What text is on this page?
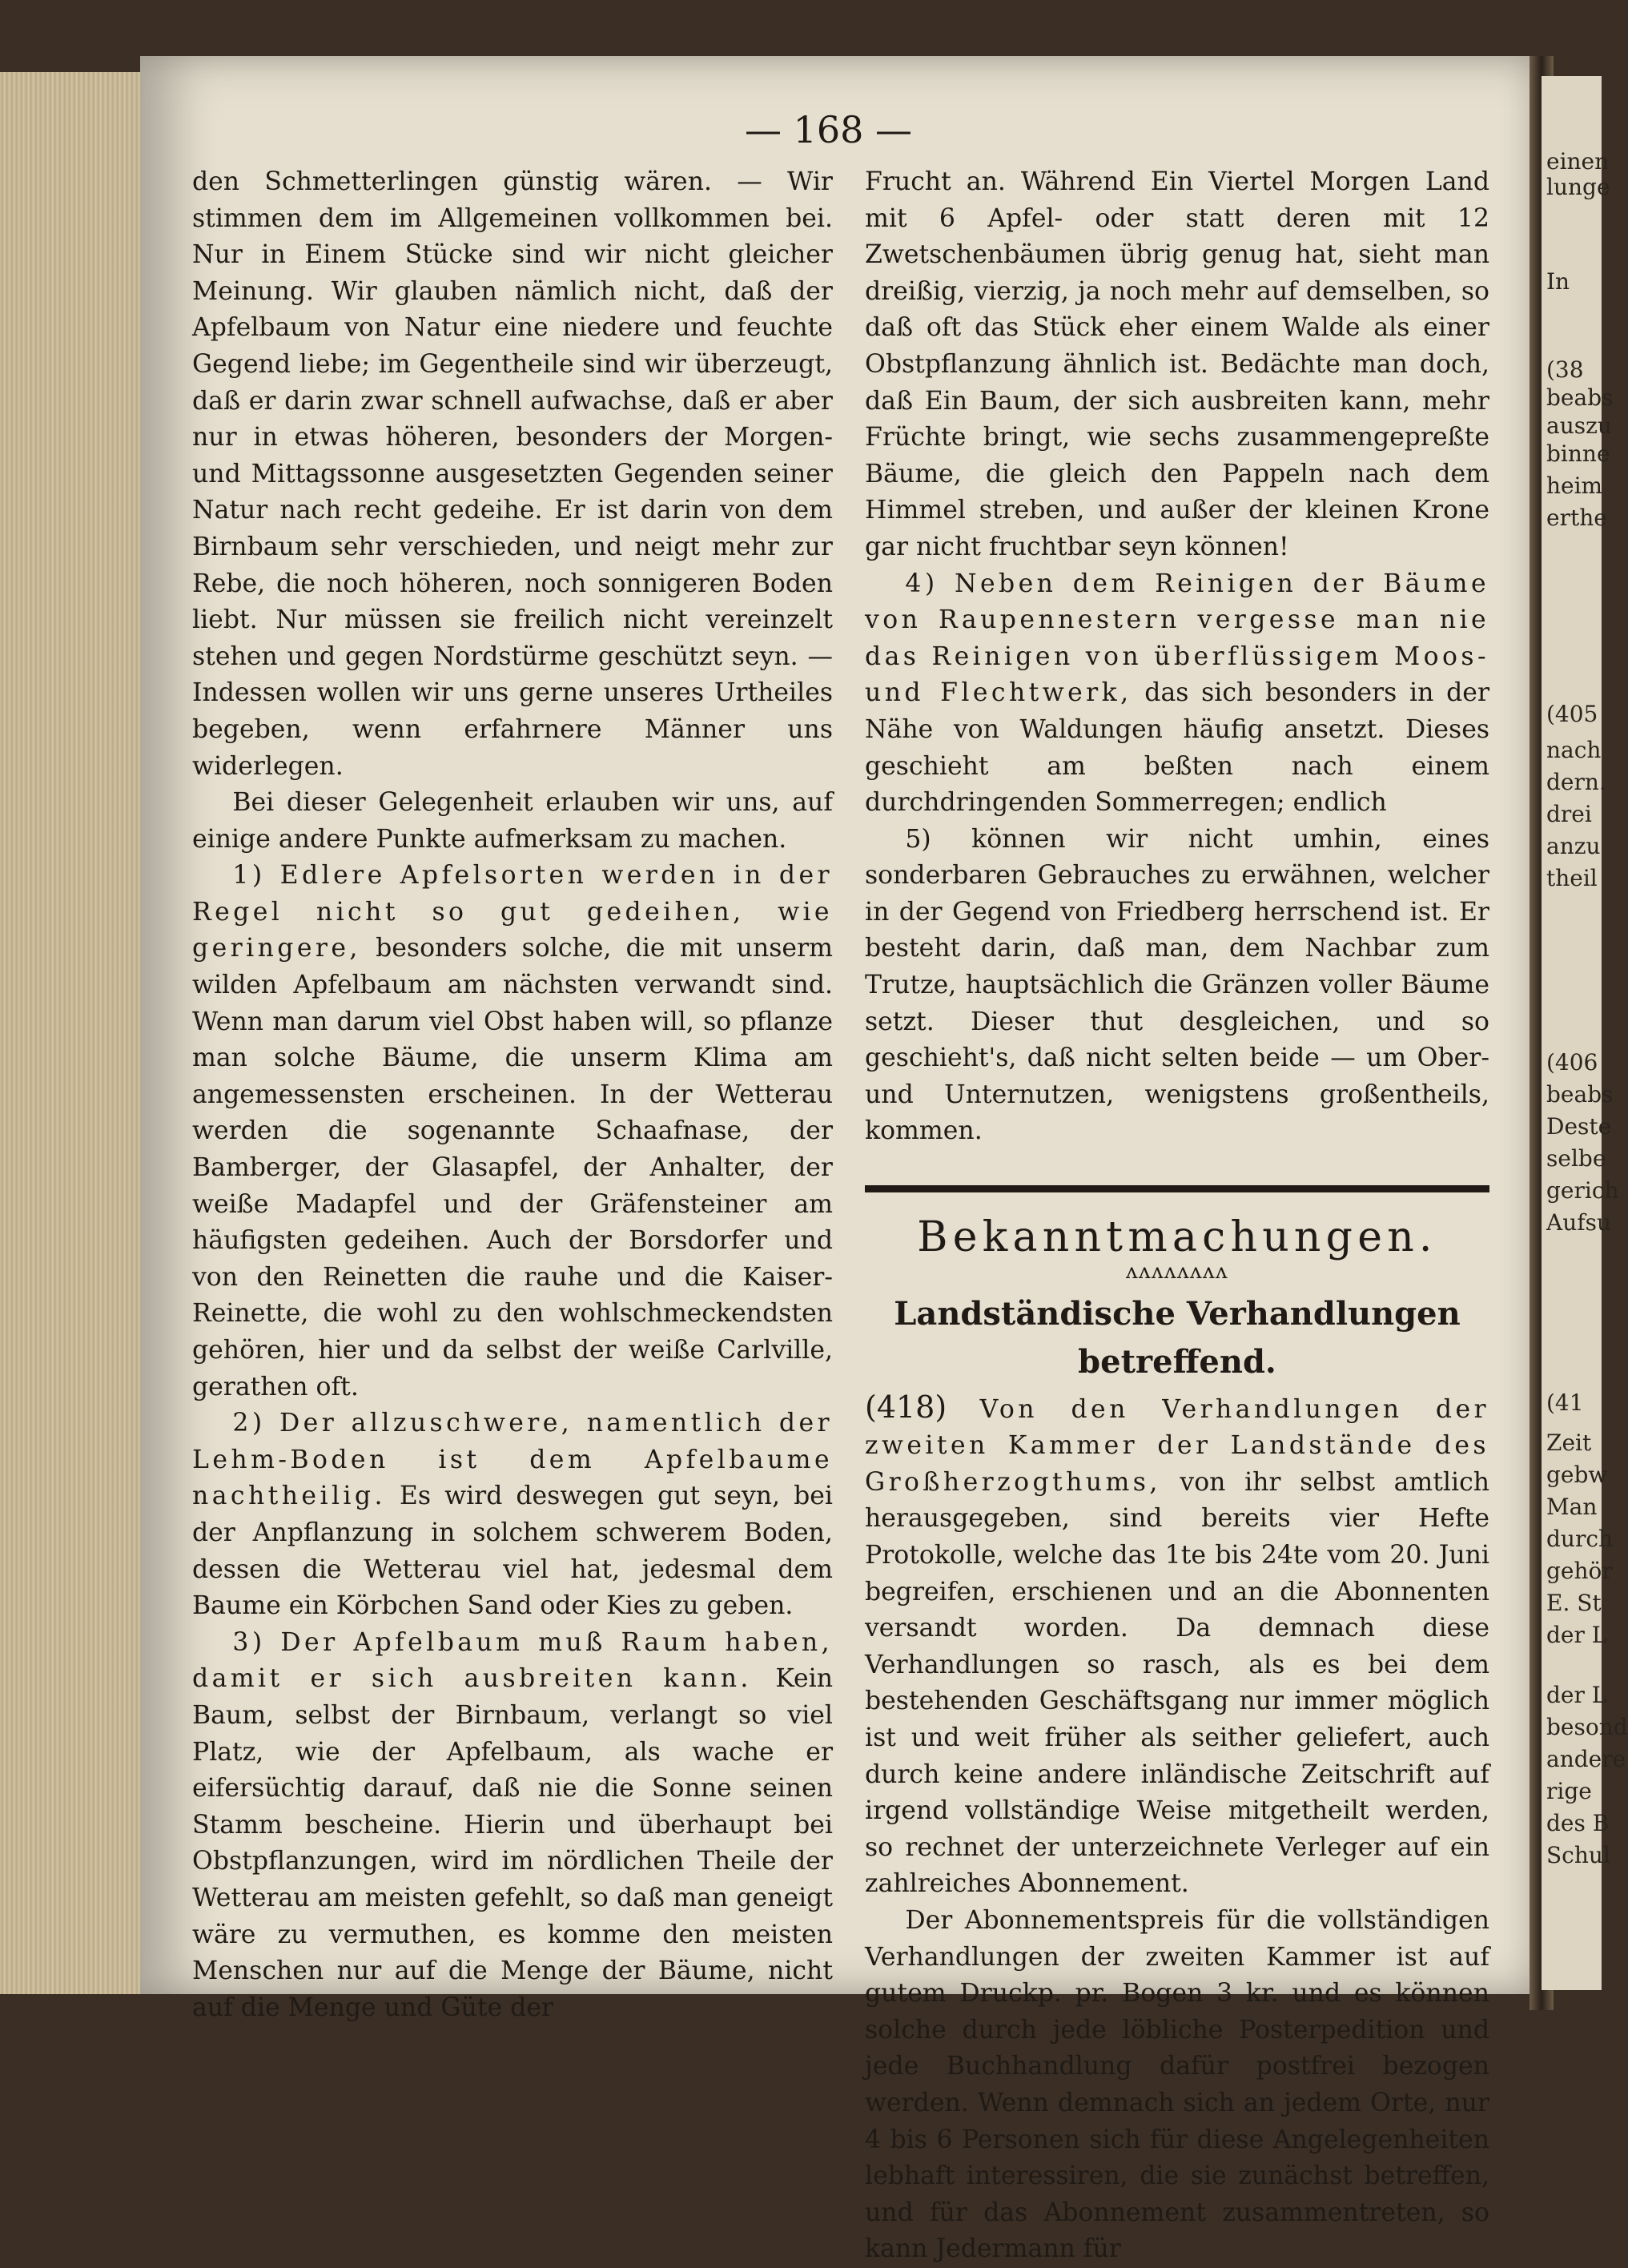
einen
lunge
In
(38
beabs
auszu
binne
heim
erthe
(405
nach
dern.
drei
anzu
theil
(406
beabs
Deste
selbe
gerich
Aufsu
(41
Zeit
gebw
Man
durch
gehör
E. St
der L
der L
besond
andere
rige
des B
Schul
— 168 —

den Schmetterlingen günstig wären. — Wir stimmen dem im Allgemeinen vollkommen bei. Nur in Einem Stücke sind wir nicht gleicher Meinung. Wir glauben nämlich nicht, daß der Apfelbaum von Natur eine niedere und feuchte Gegend liebe; im Gegentheile sind wir überzeugt, daß er darin zwar schnell aufwachse, daß er aber nur in etwas höheren, besonders der Morgen- und Mittagssonne ausgesetzten Gegenden seiner Natur nach recht gedeihe. Er ist darin von dem Birnbaum sehr verschieden, und neigt mehr zur Rebe, die noch höheren, noch sonnigeren Boden liebt. Nur müssen sie freilich nicht vereinzelt stehen und gegen Nordstürme geschützt seyn. — Indessen wollen wir uns gerne unseres Urtheiles begeben, wenn erfahrnere Männer uns widerlegen.

Bei dieser Gelegenheit erlauben wir uns, auf einige andere Punkte aufmerksam zu machen.

1) Edlere Apfelsorten werden in der Regel nicht so gut gedeihen, wie geringere, besonders solche, die mit unserm wilden Apfelbaum am nächsten verwandt sind. Wenn man darum viel Obst haben will, so pflanze man solche Bäume, die unserm Klima am angemessensten erscheinen. In der Wetterau werden die sogenannte Schaafnase, der Bamberger, der Glasapfel, der Anhalter, der weiße Madapfel und der Gräfensteiner am häufigsten gedeihen. Auch der Borsdorfer und von den Reinetten die rauhe und die Kaiser-Reinette, die wohl zu den wohlschmeckendsten gehören, hier und da selbst der weiße Carlville, gerathen oft.

2) Der allzuschwere, namentlich der Lehm-Boden ist dem Apfelbaume nachtheilig. Es wird deswegen gut seyn, bei der Anpflanzung in solchem schwerem Boden, dessen die Wetterau viel hat, jedesmal dem Baume ein Körbchen Sand oder Kies zu geben.

3) Der Apfelbaum muß Raum haben, damit er sich ausbreiten kann. Kein Baum, selbst der Birnbaum, verlangt so viel Platz, wie der Apfelbaum, als wache er eifersüchtig darauf, daß nie die Sonne seinen Stamm bescheine. Hierin und überhaupt bei Obstpflanzungen, wird im nördlichen Theile der Wetterau am meisten gefehlt, so daß man geneigt wäre zu vermuthen, es komme den meisten Menschen nur auf die Menge der Bäume, nicht auf die Menge und Güte der

Frucht an. Während Ein Viertel Morgen Land mit 6 Apfel- oder statt deren mit 12 Zwetschenbäumen übrig genug hat, sieht man dreißig, vierzig, ja noch mehr auf demselben, so daß oft das Stück eher einem Walde als einer Obstpflanzung ähnlich ist. Bedächte man doch, daß Ein Baum, der sich ausbreiten kann, mehr Früchte bringt, wie sechs zusammengepreßte Bäume, die gleich den Pappeln nach dem Himmel streben, und außer der kleinen Krone gar nicht fruchtbar seyn können!

4) Neben dem Reinigen der Bäume von Raupennestern vergesse man nie das Reinigen von überflüssigem Moos- und Flechtwerk, das sich besonders in der Nähe von Waldungen häufig ansetzt. Dieses geschieht am beßten nach einem durchdringenden Sommerregen; endlich

5) können wir nicht umhin, eines sonderbaren Gebrauches zu erwähnen, welcher in der Gegend von Friedberg herrschend ist. Er besteht darin, daß man, dem Nachbar zum Trutze, hauptsächlich die Gränzen voller Bäume setzt. Dieser thut desgleichen, und so geschieht's, daß nicht selten beide — um Ober- und Unternutzen, wenigstens großentheils, kommen.

Bekanntmachungen.
ʌʌʌʌʌʌʌʌ
Landständische Verhandlungen betreffend.

(418) Von den Verhandlungen der zweiten Kammer der Landstände des Großherzogthums, von ihr selbst amtlich herausgegeben, sind bereits vier Hefte Protokolle, welche das 1te bis 24te vom 20. Juni begreifen, erschienen und an die Abonnenten versandt worden. Da demnach diese Verhandlungen so rasch, als es bei dem bestehenden Geschäftsgang nur immer möglich ist und weit früher als seither geliefert, auch durch keine andere inländische Zeitschrift auf irgend vollständige Weise mitgetheilt werden, so rechnet der unterzeichnete Verleger auf ein zahlreiches Abonnement.

Der Abonnementspreis für die vollständigen Verhandlungen der zweiten Kammer ist auf gutem Druckp. pr. Bogen 3 kr. und es können solche durch jede löbliche Posterpedition und jede Buchhandlung dafür postfrei bezogen werden. Wenn demnach sich an jedem Orte, nur 4 bis 6 Personen sich für diese Angelegenheiten lebhaft interessiren, die sie zunächst betreffen, und für das Abonnement zusammentreten, so kann Jedermann für
